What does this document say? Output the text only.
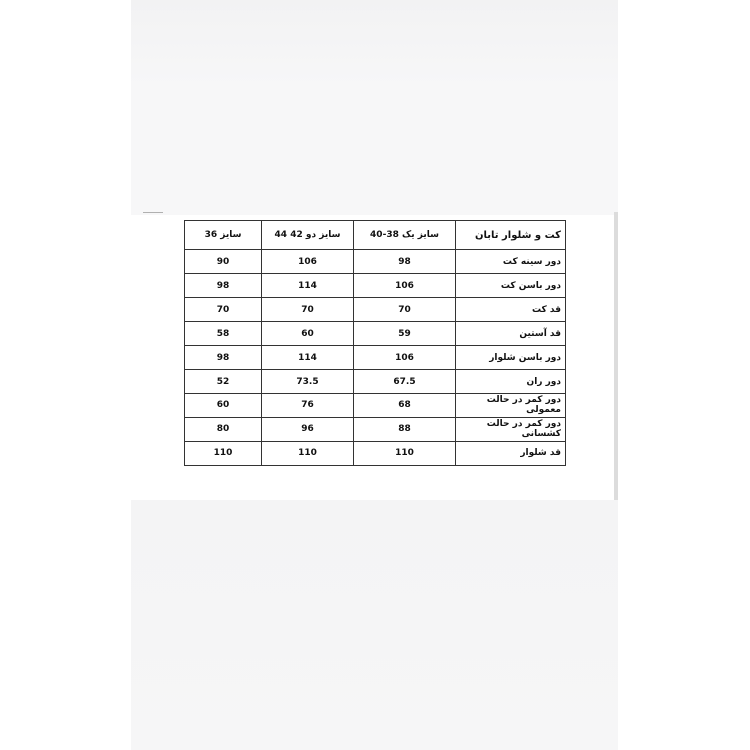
سایز 36	سایز دو 42 44	سایز یک 38-40	کت و شلوار تابان
90	106	98	دور سینه کت
98	114	106	دور باسن کت
70	70	70	قد کت
58	60	59	قد آستین
98	114	106	دور باسن شلوار
52	73.5	67.5	دور ران
60	76	68	دور کمر در حالت معمولی
80	96	88	دور کمر در حالت کشسانی
110	110	110	قد شلوار
